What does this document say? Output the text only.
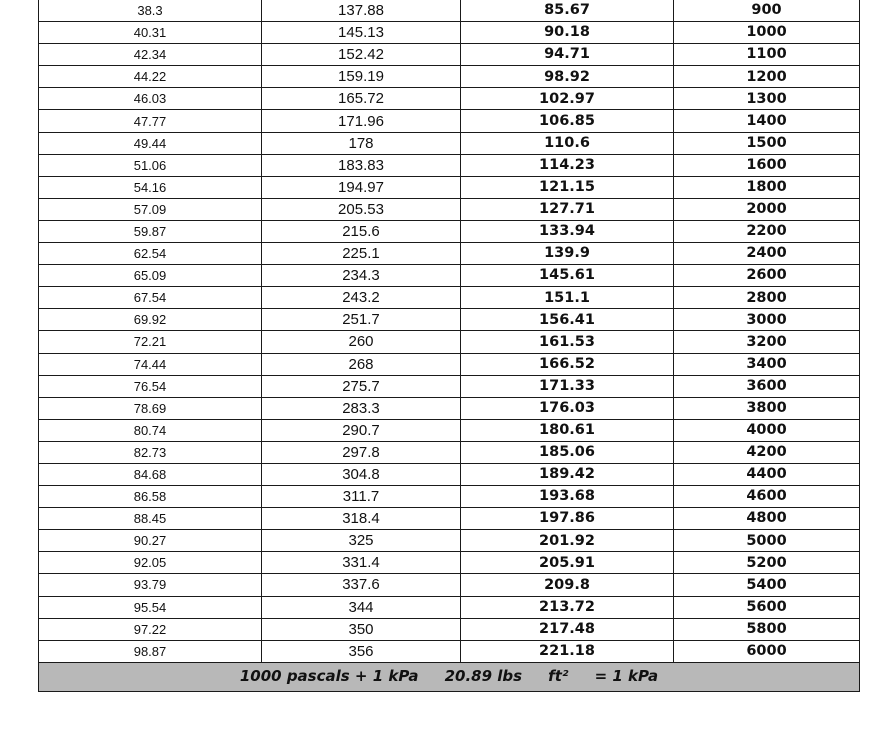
38.3	137.88	85.67	900
40.31	145.13	90.18	1000
42.34	152.42	94.71	1100
44.22	159.19	98.92	1200
46.03	165.72	102.97	1300
47.77	171.96	106.85	1400
49.44	178	110.6	1500
51.06	183.83	114.23	1600
54.16	194.97	121.15	1800
57.09	205.53	127.71	2000
59.87	215.6	133.94	2200
62.54	225.1	139.9	2400
65.09	234.3	145.61	2600
67.54	243.2	151.1	2800
69.92	251.7	156.41	3000
72.21	260	161.53	3200
74.44	268	166.52	3400
76.54	275.7	171.33	3600
78.69	283.3	176.03	3800
80.74	290.7	180.61	4000
82.73	297.8	185.06	4200
84.68	304.8	189.42	4400
86.58	311.7	193.68	4600
88.45	318.4	197.86	4800
90.27	325	201.92	5000
92.05	331.4	205.91	5200
93.79	337.6	209.8	5400
95.54	344	213.72	5600
97.22	350	217.48	5800
98.87	356	221.18	6000
1000 pascals + 1 kPa     20.89 lbs     ft²     = 1 kPa			
